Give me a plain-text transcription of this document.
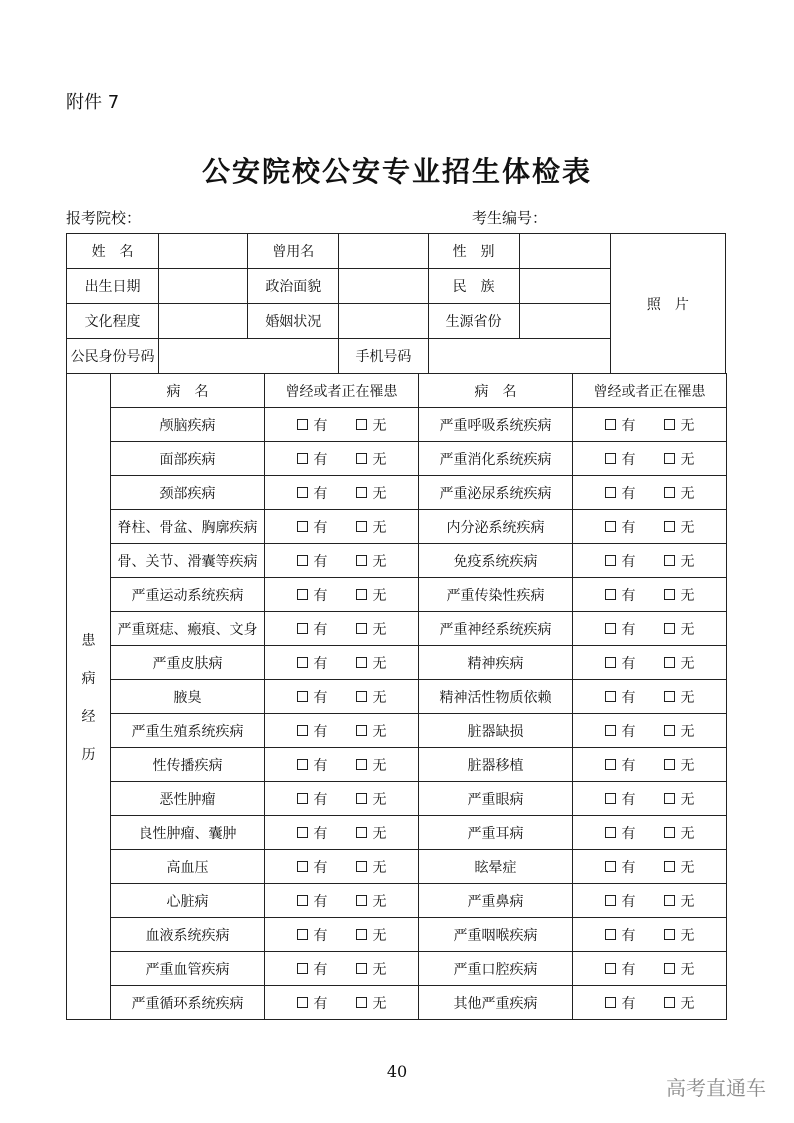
附件 7
公安院校公安专业招生体检表
报考院校：	考生编号：
姓　名		曾用名		性　别		照　片
出生日期		政治面貌		民　族		
文化程度		婚姻状况		生源省份		
公民身份号码			手机号码			
患
病
经
历	病　名	曾经或者正在罹患	病　名	曾经或者正在罹患
	颅脑疾病	有 无	严重呼吸系统疾病	有 无

	面部疾病	有 无	严重消化系统疾病	有 无

	颈部疾病	有 无	严重泌尿系统疾病	有 无

	脊柱、骨盆、胸廓疾病	有 无	内分泌系统疾病	有 无

	骨、关节、滑囊等疾病	有 无	免疫系统疾病	有 无

	严重运动系统疾病	有 无	严重传染性疾病	有 无

	严重斑痣、瘢痕、文身	有 无	严重神经系统疾病	有 无

	严重皮肤病	有 无	精神疾病	有 无

	腋臭	有 无	精神活性物质依赖	有 无

	严重生殖系统疾病	有 无	脏器缺损	有 无

	性传播疾病	有 无	脏器移植	有 无

	恶性肿瘤	有 无	严重眼病	有 无

	良性肿瘤、囊肿	有 无	严重耳病	有 无

	高血压	有 无	眩晕症	有 无

	心脏病	有 无	严重鼻病	有 无

	血液系统疾病	有 无	严重咽喉疾病	有 无

	严重血管疾病	有 无	严重口腔疾病	有 无

	严重循环系统疾病	有 无	其他严重疾病	有 无
40
高考直通车
